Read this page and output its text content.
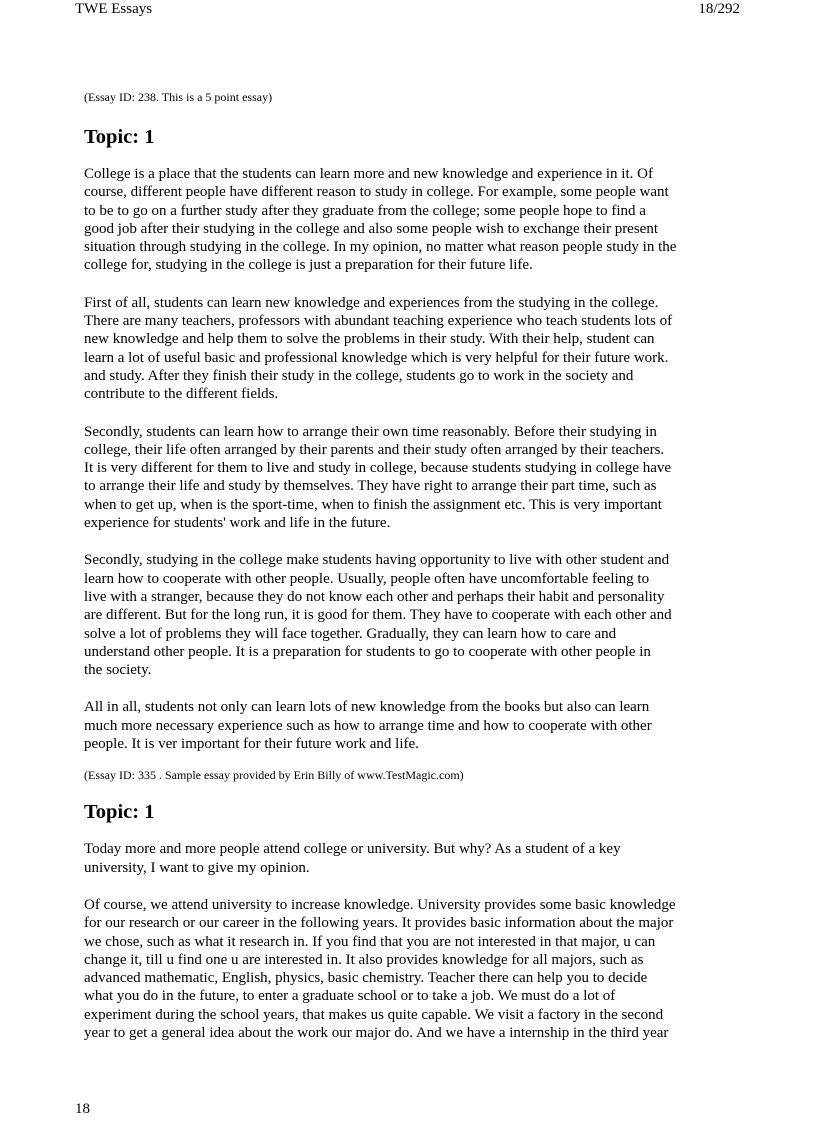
TWE Essays	18/292

(Essay ID: 238. This is a 5 point essay)

Topic: 1

College is a place that the students can learn more and new knowledge and experience in it. Of
course, different people have different reason to study in college. For example, some people want
to be to go on a further study after they graduate from the college; some people hope to find a
good job after their studying in the college and also some people wish to exchange their present
situation through studying in the college. In my opinion, no matter what reason people study in the
college for, studying in the college is just a preparation for their future life.

First of all, students can learn new knowledge and experiences from the studying in the college.
There are many teachers, professors with abundant teaching experience who teach students lots of
new knowledge and help them to solve the problems in their study. With their help, student can
learn a lot of useful basic and professional knowledge which is very helpful for their future work.
and study. After they finish their study in the college, students go to work in the society and
contribute to the different fields.

Secondly, students can learn how to arrange their own time reasonably. Before their studying in
college, their life often arranged by their parents and their study often arranged by their teachers.
It is very different for them to live and study in college, because students studying in college have
to arrange their life and study by themselves. They have right to arrange their part time, such as
when to get up, when is the sport-time, when to finish the assignment etc. This is very important
experience for students' work and life in the future.

Secondly, studying in the college make students having opportunity to live with other student and
learn how to cooperate with other people. Usually, people often have uncomfortable feeling to
live with a stranger, because they do not know each other and perhaps their habit and personality
are different. But for the long run, it is good for them. They have to cooperate with each other and
solve a lot of problems they will face together. Gradually, they can learn how to care and
understand other people. It is a preparation for students to go to cooperate with other people in
the society.

All in all, students not only can learn lots of new knowledge from the books but also can learn
much more necessary experience such as how to arrange time and how to cooperate with other
people. It is ver important for their future work and life.

(Essay ID: 335 . Sample essay provided by Erin Billy of www.TestMagic.com)

Topic: 1

Today more and more people attend college or university. But why? As a student of a key
university, I want to give my opinion.

Of course, we attend university to increase knowledge. University provides some basic knowledge
for our research or our career in the following years. It provides basic information about the major
we chose, such as what it research in. If you find that you are not interested in that major, u can
change it, till u find one u are interested in. It also provides knowledge for all majors, such as
advanced mathematic, English, physics, basic chemistry. Teacher there can help you to decide
what you do in the future, to enter a graduate school or to take a job. We must do a lot of
experiment during the school years, that makes us quite capable. We visit a factory in the second
year to get a general idea about the work our major do. And we have a internship in the third year

18
